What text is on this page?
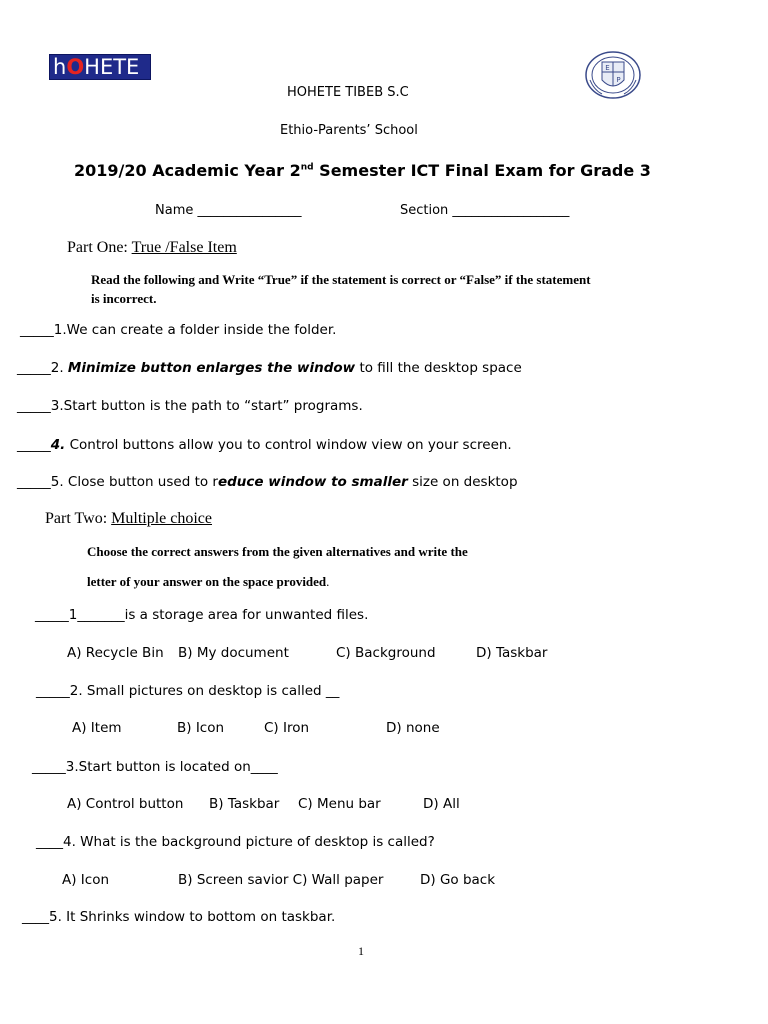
hOHETE	E
P
HOHETE TIBEB S.C
Ethio-Parents’ School
2019/20 Academic Year 2nd Semester ICT Final Exam for Grade 3
Name ________________	Section __________________
Part One: True /False Item
Read the following and Write “True” if the statement is correct or “False” if the statement
is incorrect.
_____1.We can create a folder inside the folder.
_____2. Minimize button enlarges the window to fill the desktop space
_____3.Start button is the path to “start” programs.
_____4. Control buttons allow you to control window view on your screen.
_____5. Close button used to reduce window to smaller size on desktop
Part Two: Multiple choice
Choose the correct answers from the given alternatives and write the
letter of your answer on the space provided.
_____1_______is a storage area for unwanted files.
A) Recycle Bin B) My document	C) Background	D) Taskbar
_____2. Small pictures on desktop is called __
A) Item	B) Icon	C) Iron	D) none
_____3.Start button is located on____
A) Control button B) Taskbar C) Menu bar	D) All
____4. What is the background picture of desktop is called?
A) Icon	B) Screen savior C) Wall paper	D) Go back
____5. It Shrinks window to bottom on taskbar.
1
